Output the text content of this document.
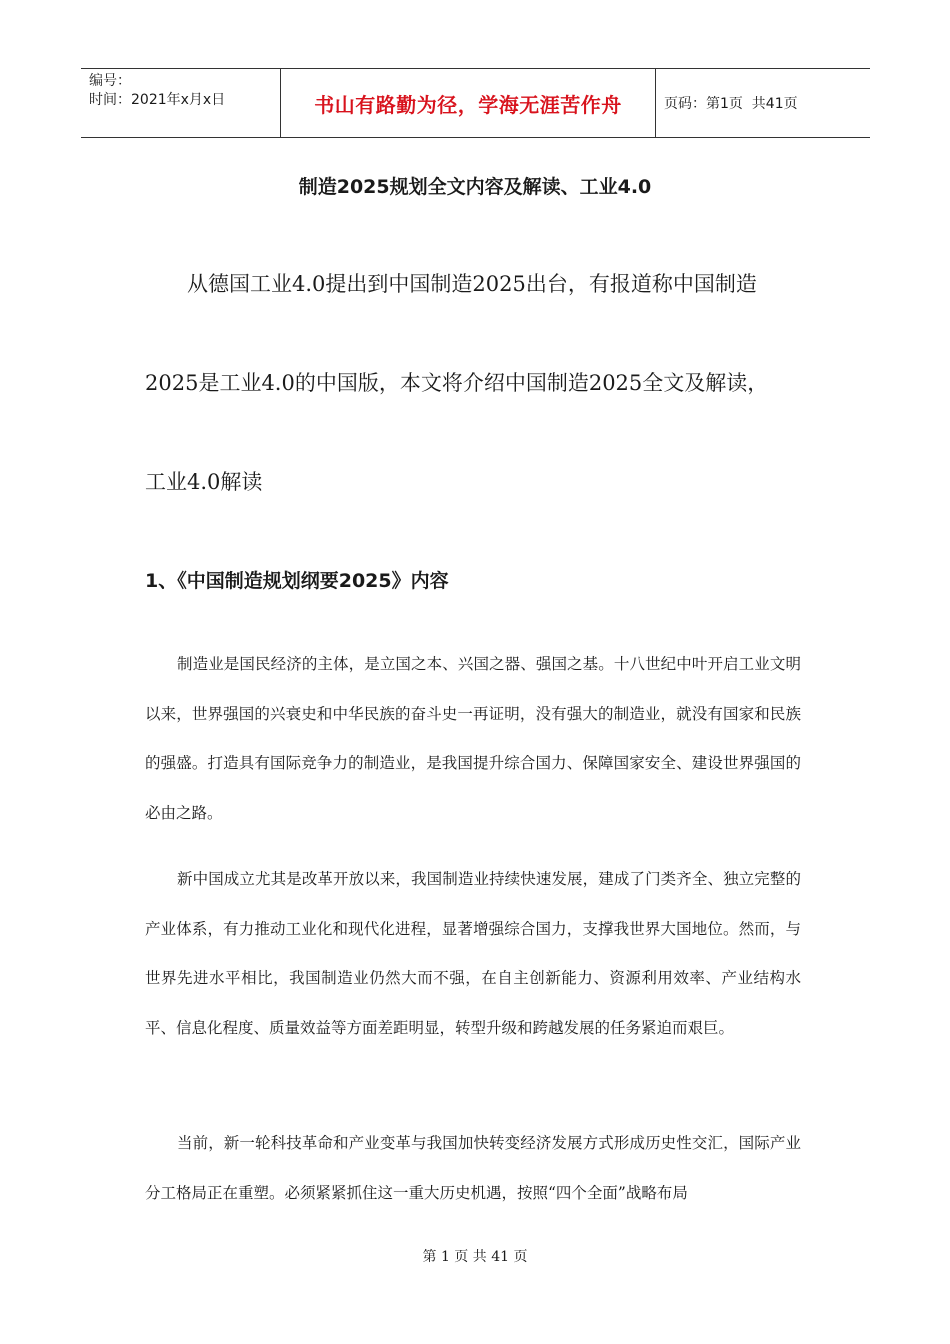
编号：
时间：2021年x月x日	书山有路勤为径，学海无涯苦作舟	页码：第1页  共41页
制造2025规划全文内容及解读、工业4.0
从德国工业4.0提出到中国制造2025出台，有报道称中国制造
2025是工业4.0的中国版，本文将介绍中国制造2025全文及解读，
工业4.0解读
1、《中国制造规划纲要2025》内容

制造业是国民经济的主体，是立国之本、兴国之器、强国之基。十八世纪中叶开启工业文明以来，世界强国的兴衰史和中华民族的奋斗史一再证明，没有强大的制造业，就没有国家和民族的强盛。打造具有国际竞争力的制造业，是我国提升综合国力、保障国家安全、建设世界强国的必由之路。

新中国成立尤其是改革开放以来，我国制造业持续快速发展，建成了门类齐全、独立完整的产业体系，有力推动工业化和现代化进程，显著增强综合国力，支撑我世界大国地位。然而，与世界先进水平相比，我国制造业仍然大而不强，在自主创新能力、资源利用效率、产业结构水平、信息化程度、质量效益等方面差距明显，转型升级和跨越发展的任务紧迫而艰巨。

当前，新一轮科技革命和产业变革与我国加快转变经济发展方式形成历史性交汇，国际产业分工格局正在重塑。必须紧紧抓住这一重大历史机遇，按照“四个全面”战略布局

第 1 页 共 41 页
